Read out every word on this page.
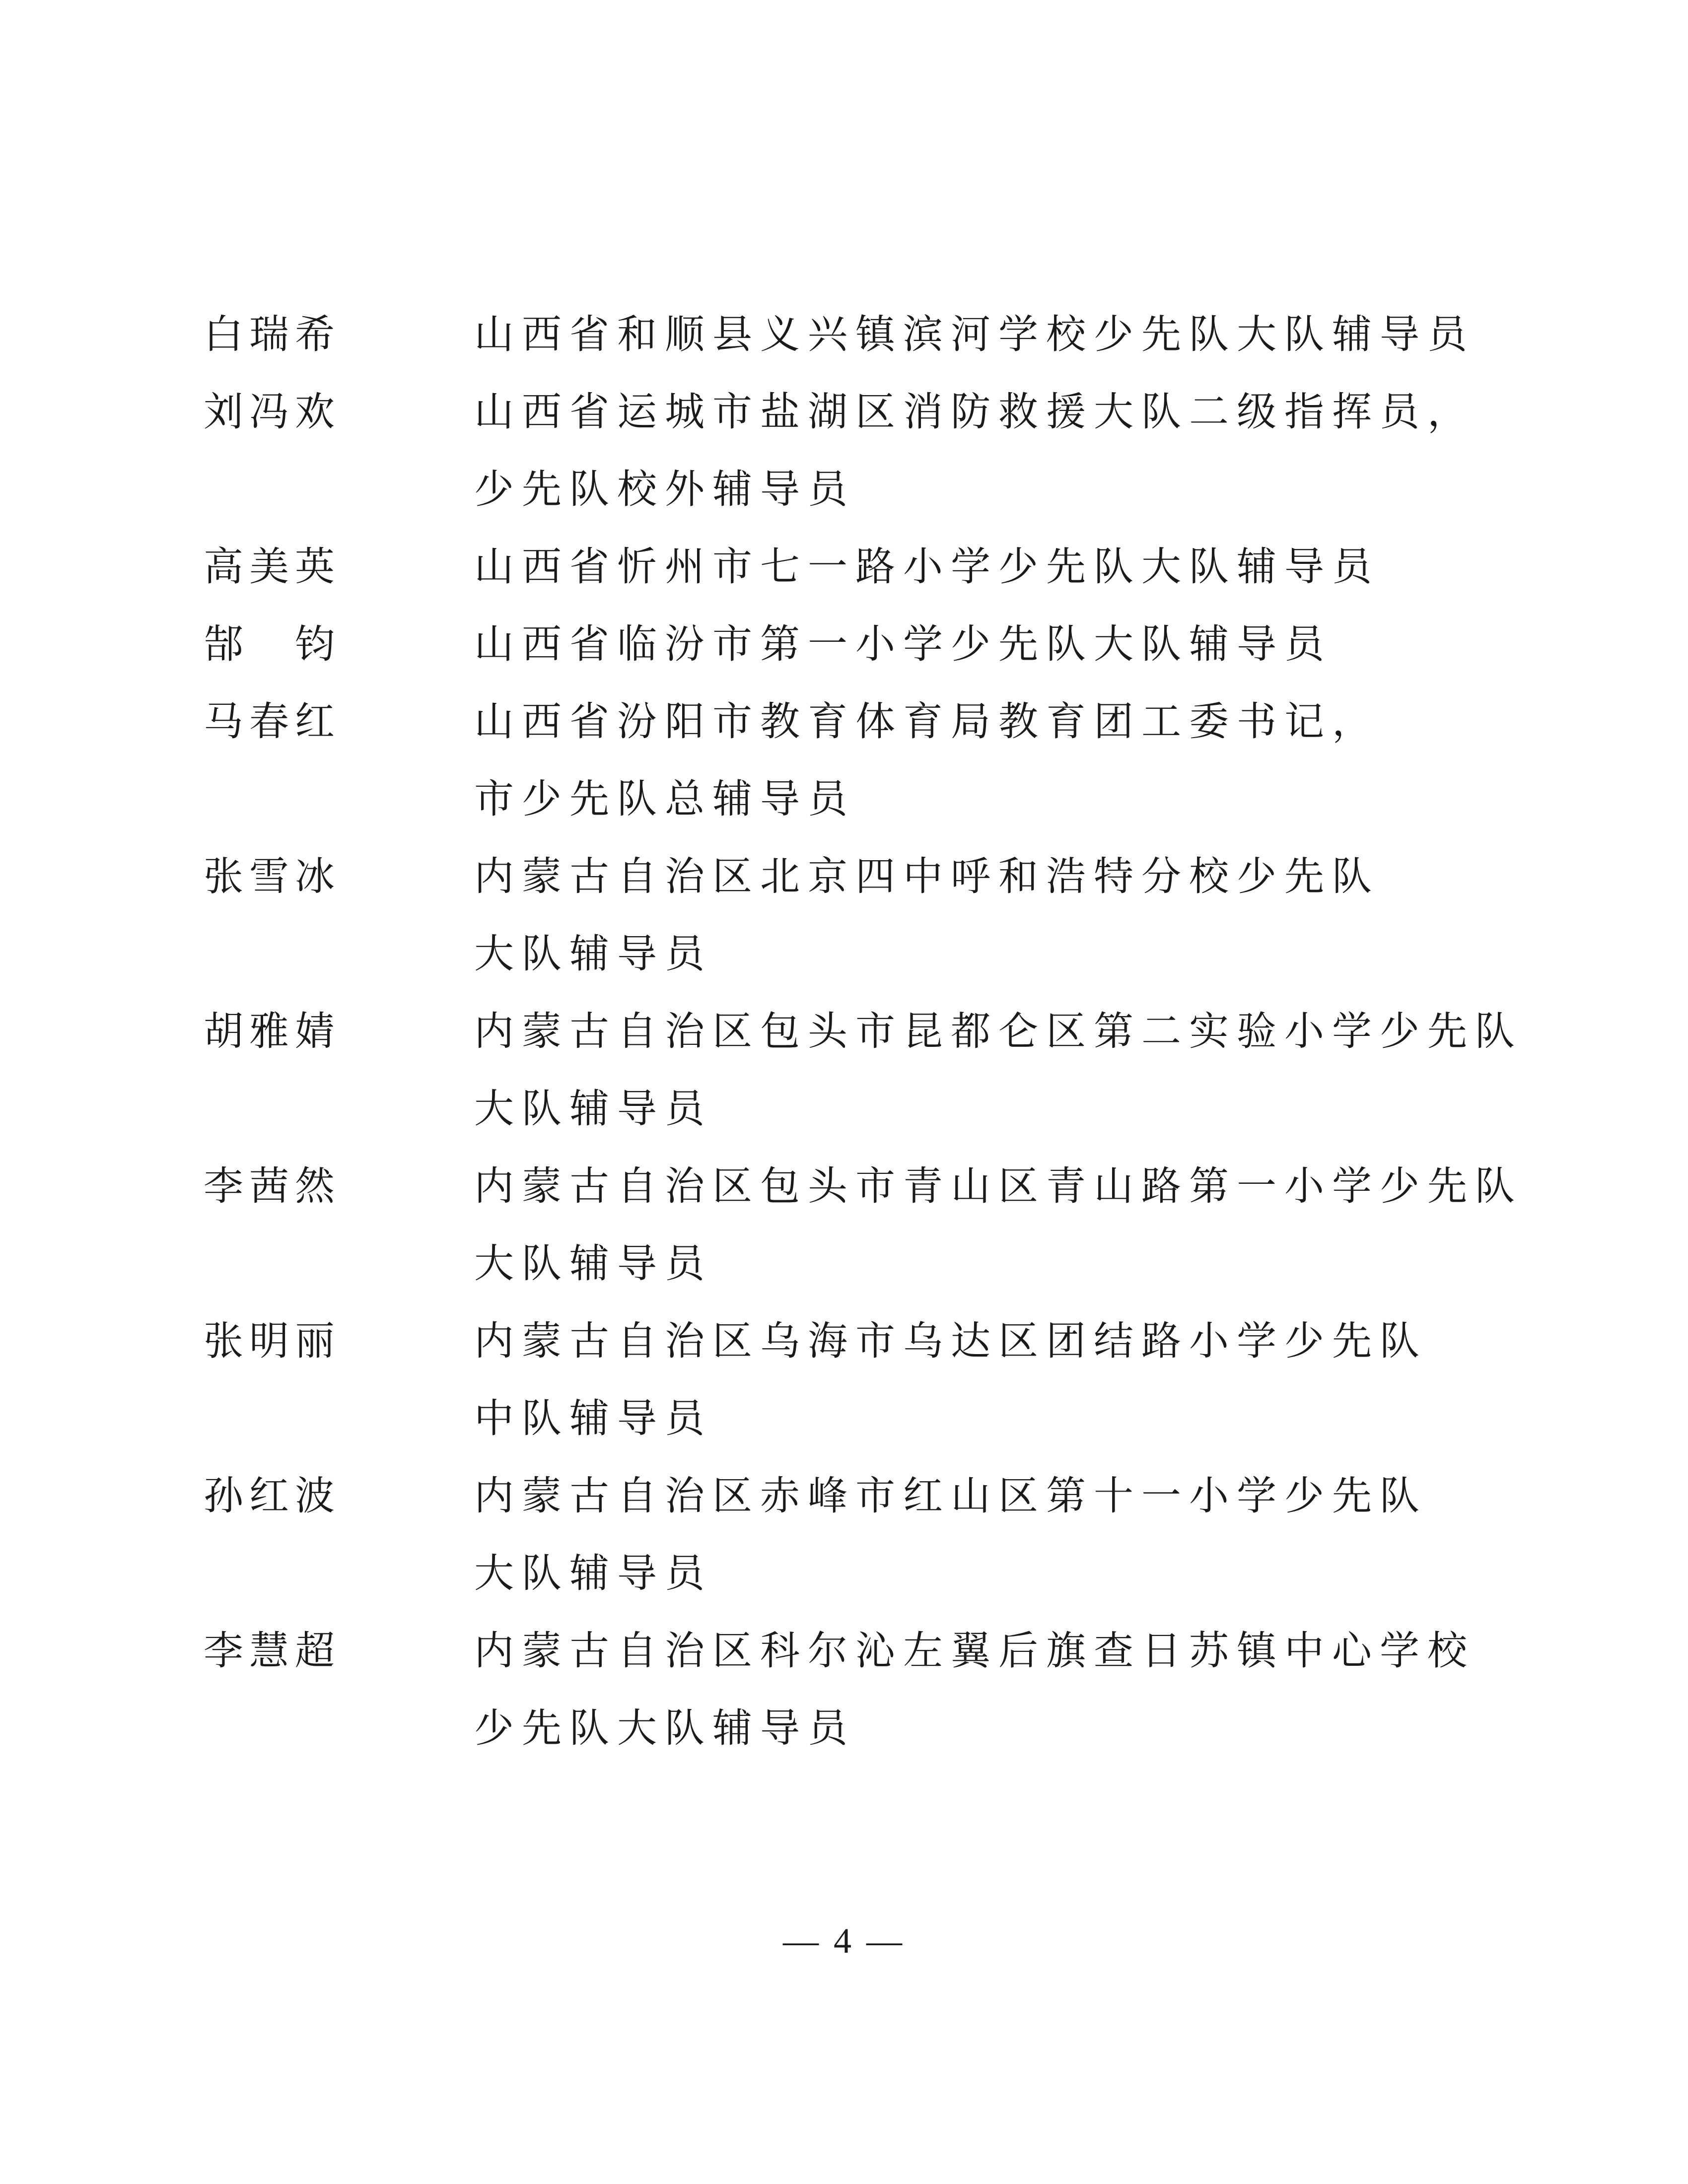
白瑞希	山西省和顺县义兴镇滨河学校少先队大队辅导员
刘冯欢	山西省运城市盐湖区消防救援大队二级指挥员，
少先队校外辅导员
高美英	山西省忻州市七一路小学少先队大队辅导员
郜　钧	山西省临汾市第一小学少先队大队辅导员
马春红	山西省汾阳市教育体育局教育团工委书记，
市少先队总辅导员
张雪冰	内蒙古自治区北京四中呼和浩特分校少先队
大队辅导员
胡雅婧	内蒙古自治区包头市昆都仑区第二实验小学少先队
大队辅导员
李茜然	内蒙古自治区包头市青山区青山路第一小学少先队
大队辅导员
张明丽	内蒙古自治区乌海市乌达区团结路小学少先队
中队辅导员
孙红波	内蒙古自治区赤峰市红山区第十一小学少先队
大队辅导员
李慧超	内蒙古自治区科尔沁左翼后旗查日苏镇中心学校
少先队大队辅导员
— 4 —
